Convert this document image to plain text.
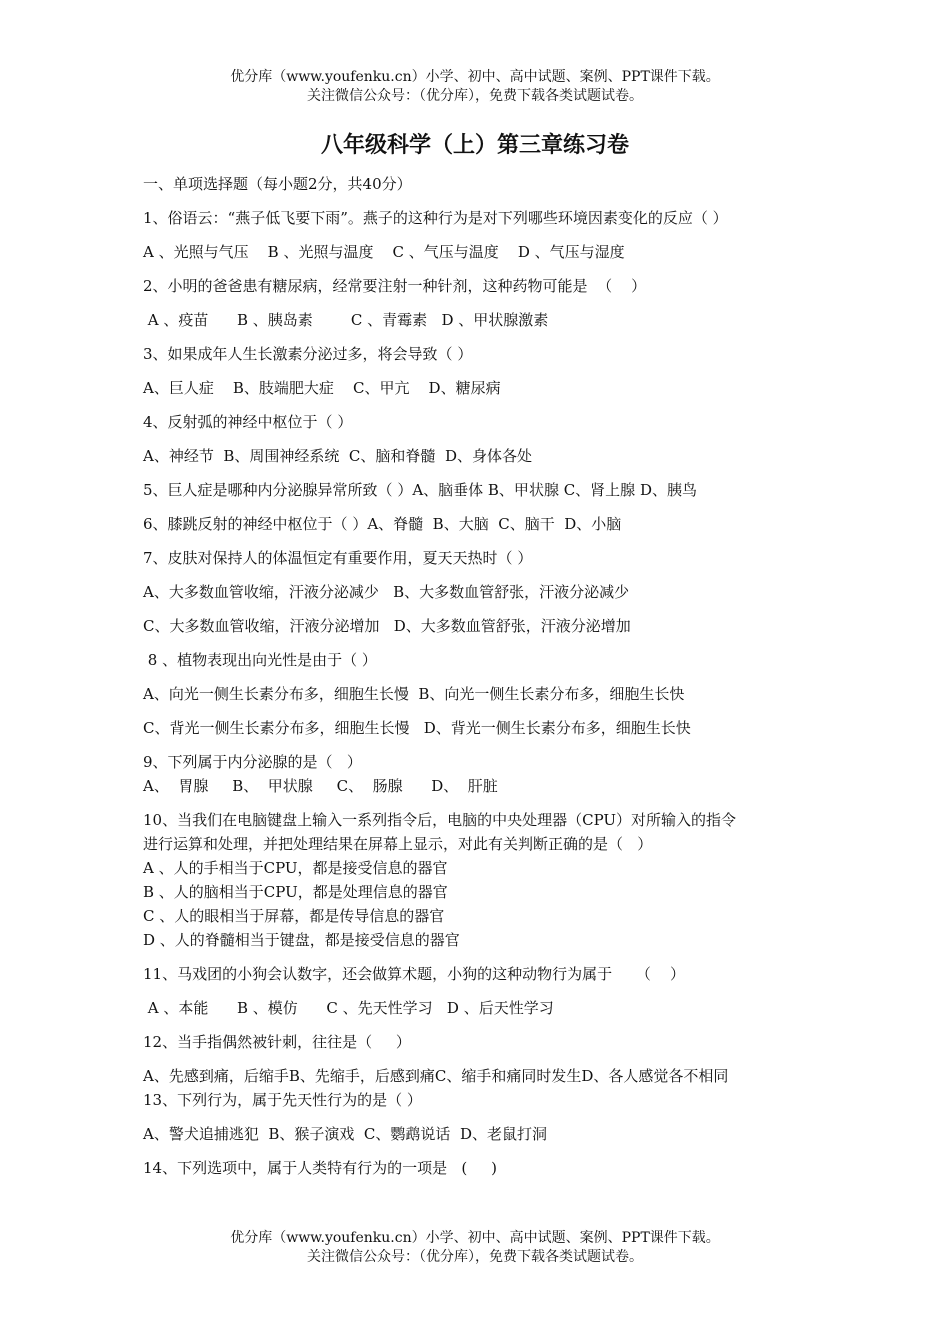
优分库（www.youfenku.cn）小学、初中、高中试题、案例、PPT课件下载。
关注微信公众号：（优分库），免费下载各类试题试卷。
八年级科学（上）第三章练习卷
一、单项选择题（每小题2分，共40分）
1、俗语云：“燕子低飞要下雨”。燕子的这种行为是对下列哪些环境因素变化的反应（ ）
A 、光照与气压    B 、光照与温度    C 、气压与温度    D 、气压与湿度
2、小明的爸爸患有糖尿病，经常要注射一种针剂，这种药物可能是  （    ）
A 、疫苗      B 、胰岛素        C 、青霉素   D 、甲状腺激素
3、如果成年人生长激素分泌过多，将会导致（ ）
A、巨人症    B、肢端肥大症    C、甲亢    D、糖尿病
4、反射弧的神经中枢位于（ ）
A、神经节  B、周围神经系统  C、脑和脊髓  D、身体各处
5、巨人症是哪种内分泌腺异常所致（ ）A、脑垂体 B、甲状腺 C、肾上腺 D、胰鸟
6、膝跳反射的神经中枢位于（ ）A、脊髓  B、大脑  C、脑干  D、小脑
7、皮肤对保持人的体温恒定有重要作用，夏天天热时（ ）
A、大多数血管收缩，汗液分泌减少   B、大多数血管舒张，汗液分泌减少
C、大多数血管收缩，汗液分泌增加   D、大多数血管舒张，汗液分泌增加
8 、植物表现出向光性是由于（ ）
A、向光一侧生长素分布多，细胞生长慢  B、向光一侧生长素分布多，细胞生长快
C、背光一侧生长素分布多，细胞生长慢   D、背光一侧生长素分布多，细胞生长快
9、下列属于内分泌腺的是（   ）
A、  胃腺     B、  甲状腺     C、  肠腺      D、  肝脏
10、当我们在电脑键盘上输入一系列指令后，电脑的中央处理器（CPU）对所输入的指令
进行运算和处理，并把处理结果在屏幕上显示，对此有关判断正确的是（   ）
A 、人的手相当于CPU，都是接受信息的器官
B 、人的脑相当于CPU，都是处理信息的器官
C 、人的眼相当于屏幕，都是传导信息的器官
D 、人的脊髓相当于键盘，都是接受信息的器官
11、马戏团的小狗会认数字，还会做算术题，小狗的这种动物行为属于     （    ）
A 、本能      B 、模仿      C 、先天性学习   D 、后天性学习
12、当手指偶然被针刺，往往是（     ）
A、先感到痛，后缩手B、先缩手，后感到痛C、缩手和痛同时发生D、各人感觉各不相同
13、下列行为，属于先天性行为的是（ ）
A、警犬追捕逃犯  B、猴子演戏  C、鹦鹉说话  D、老鼠打洞
14、下列选项中，属于人类特有行为的一项是   (     )
优分库（www.youfenku.cn）小学、初中、高中试题、案例、PPT课件下载。
关注微信公众号：（优分库），免费下载各类试题试卷。
